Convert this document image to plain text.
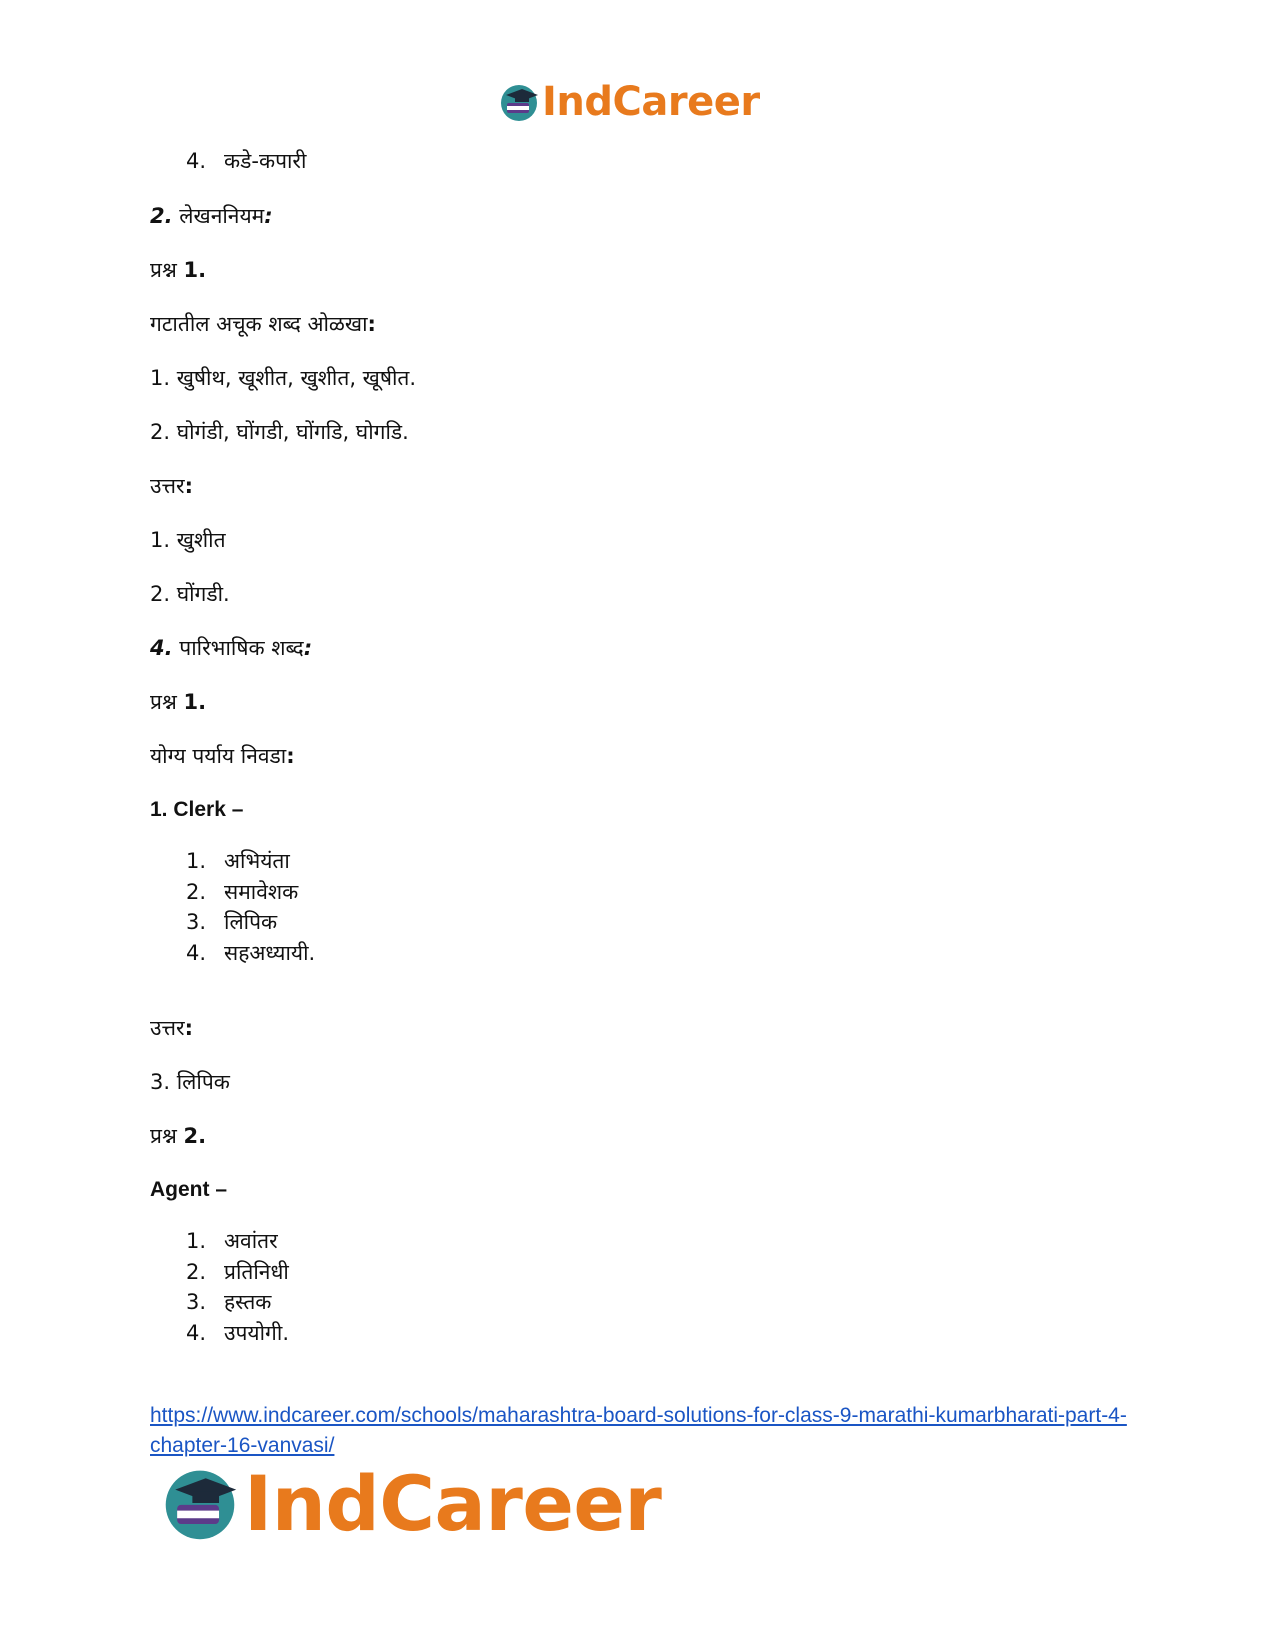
IndCareer
4. कडे-कपारी
2. लेखननियम:
प्रश्न 1.
गटातील अचूक शब्द ओळखा:
1. खुषीथ, खूशीत, खुशीत, खूषीत.
2. घोगंडी, घोंगडी, घोंगडि, घोगडि.
उत्तर:
1. खुशीत
2. घोंगडी.
4. पारिभाषिक शब्द:
प्रश्न 1.
योग्य पर्याय निवडा:
1. Clerk –
1. अभियंता
2. समावेशक
3. लिपिक
4. सहअध्यायी.
उत्तर:
3. लिपिक
प्रश्न 2.
Agent –
1. अवांतर
2. प्रतिनिधी
3. हस्तक
4. उपयोगी.
https://www.indcareer.com/schools/maharashtra-board-solutions-for-class-9-marathi-kumarbharati-part-4-chapter-16-vanvasi/
IndCareer
